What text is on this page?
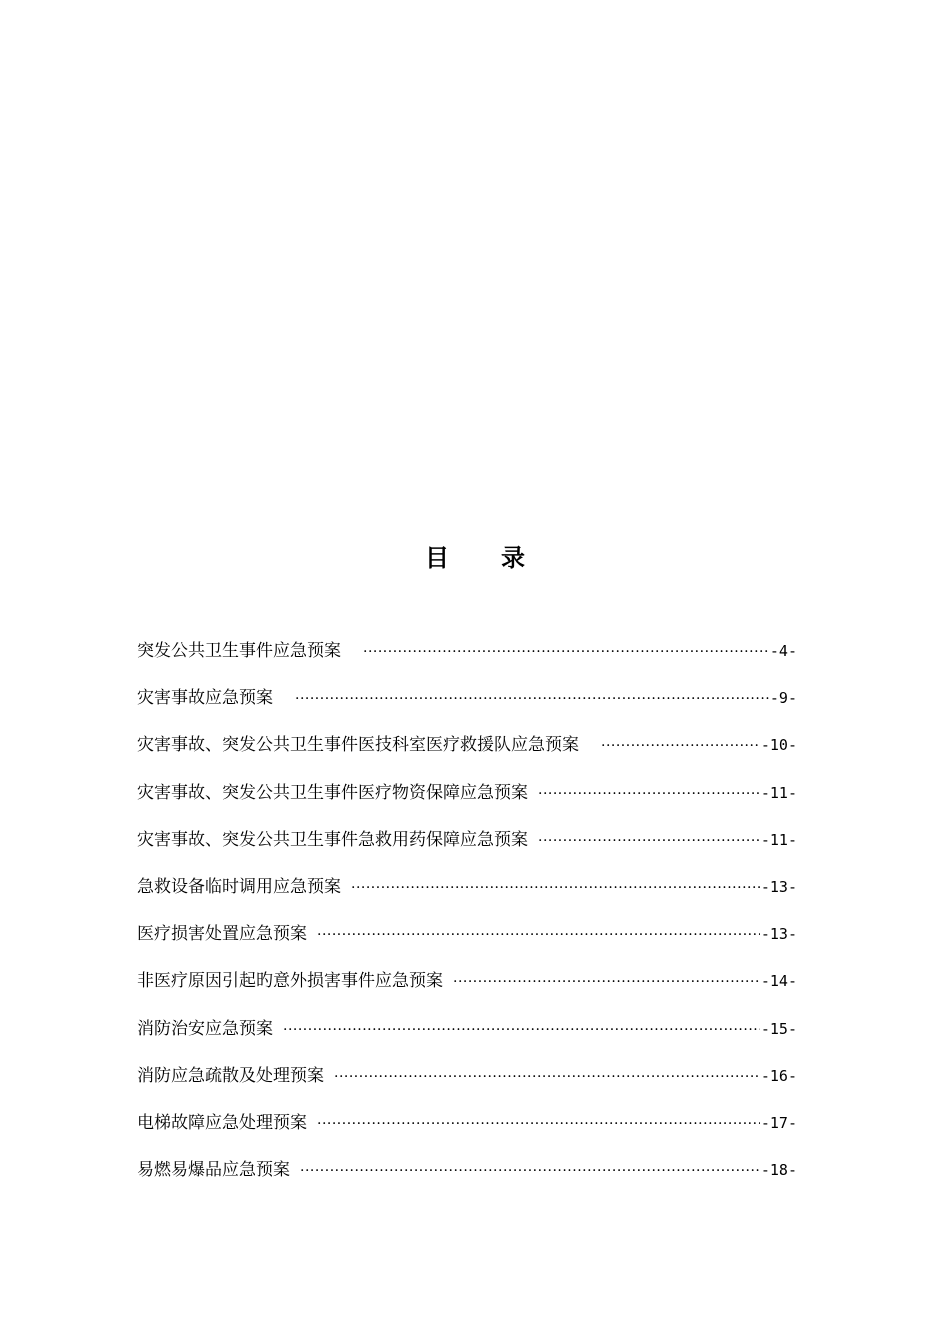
目录
突发公共卫生事件应急预案 ·····	-4-
灾害事故应急预案 ·····	-9-
灾害事故、突发公共卫生事件医技科室医疗救援队应急预案 ·····	-10-
灾害事故、突发公共卫生事件医疗物资保障应急预案 ·····	-11-
灾害事故、突发公共卫生事件急救用药保障应急预案 ·····	-11-
急救设备临时调用应急预案 ·····	-13-
医疗损害处置应急预案 ·····	-13-
非医疗原因引起旳意外损害事件应急预案 ·····	-14-
消防治安应急预案 ·····	-15-
消防应急疏散及处理预案 ·····	-16-
电梯故障应急处理预案 ·····	-17-
易燃易爆品应急预案 ·····	-18-
